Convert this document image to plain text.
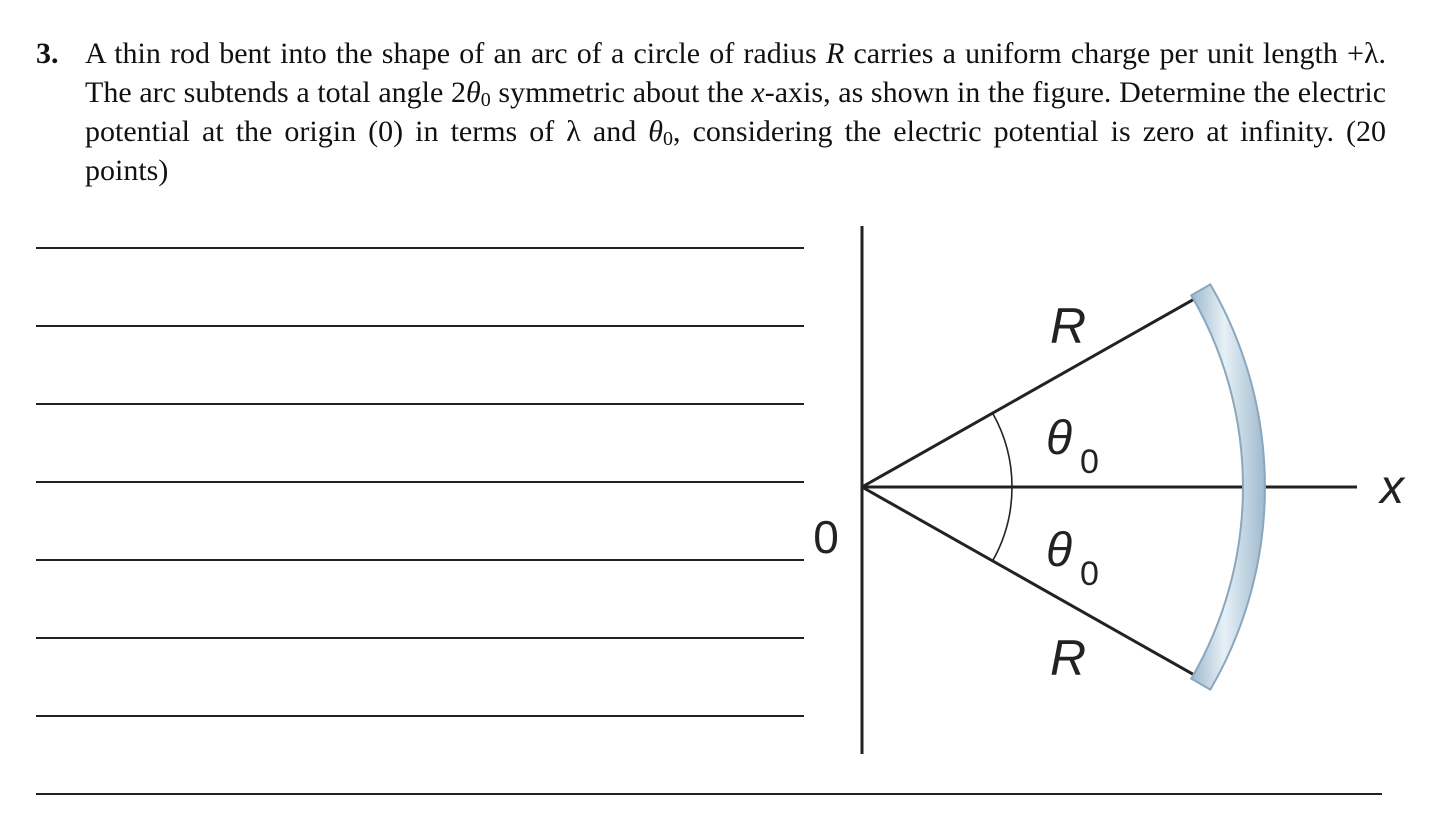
3. A thin rod bent into the shape of an arc of a circle of radius R carries a uniform charge per unit length +λ. The arc subtends a total angle $2\theta_0$ symmetric about the x-axis, as shown in the figure. Determine the electric potential at the origin (0) in terms of λ and $\theta_0$, considering the electric potential is zero at infinity. (20 points)
R
R
θ 0
θ 0
0
x
